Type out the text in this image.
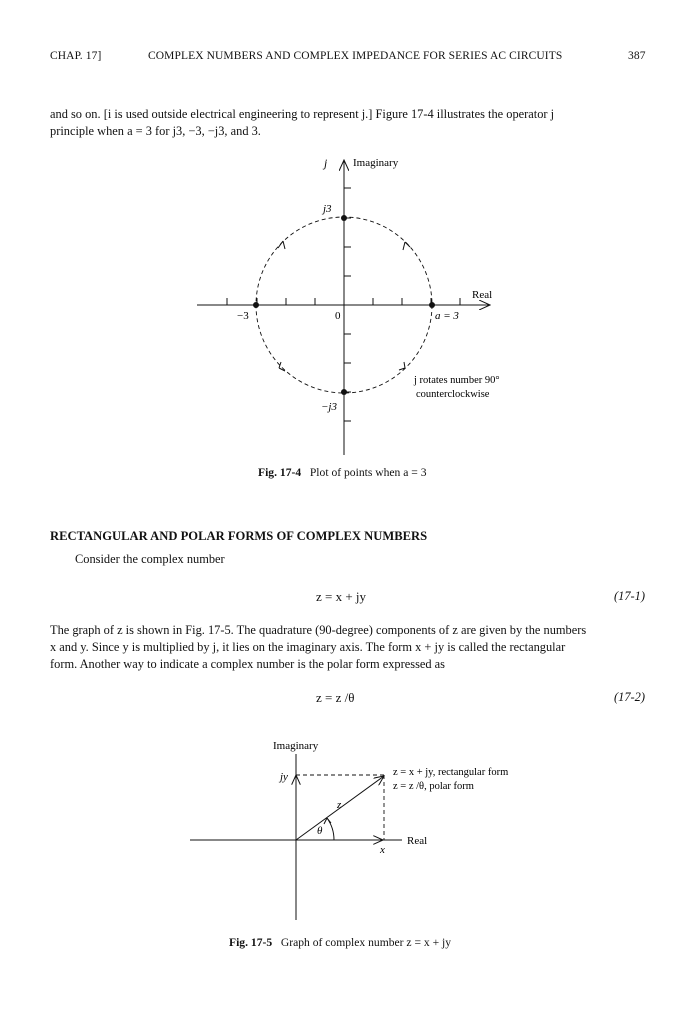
CHAP. 17]	COMPLEX NUMBERS AND COMPLEX IMPEDANCE FOR SERIES AC CIRCUITS	387
and so on. [i is used outside electrical engineering to represent j.] Figure 17-4 illustrates the operator j
principle when a = 3 for j3, −3, −j3, and 3.
j Imaginary
j3
Real
−3	0	a = 3
−j3
j rotates number 90°
counterclockwise
Fig. 17-4 Plot of points when a = 3
RECTANGULAR AND POLAR FORMS OF COMPLEX NUMBERS
Consider the complex number
z = x + jy	(17-1)
The graph of z is shown in Fig. 17-5. The quadrature (90-degree) components of z are given by the numbers
x and y. Since y is multiplied by j, it lies on the imaginary axis. The form x + jy is called the rectangular
form. Another way to indicate a complex number is the polar form expressed as
z = z /θ	(17-2)
Imaginary
jy
z
θ
x
Real
z = x + jy, rectangular form
z = z /θ, polar form
Fig. 17-5 Graph of complex number z = x + jy
